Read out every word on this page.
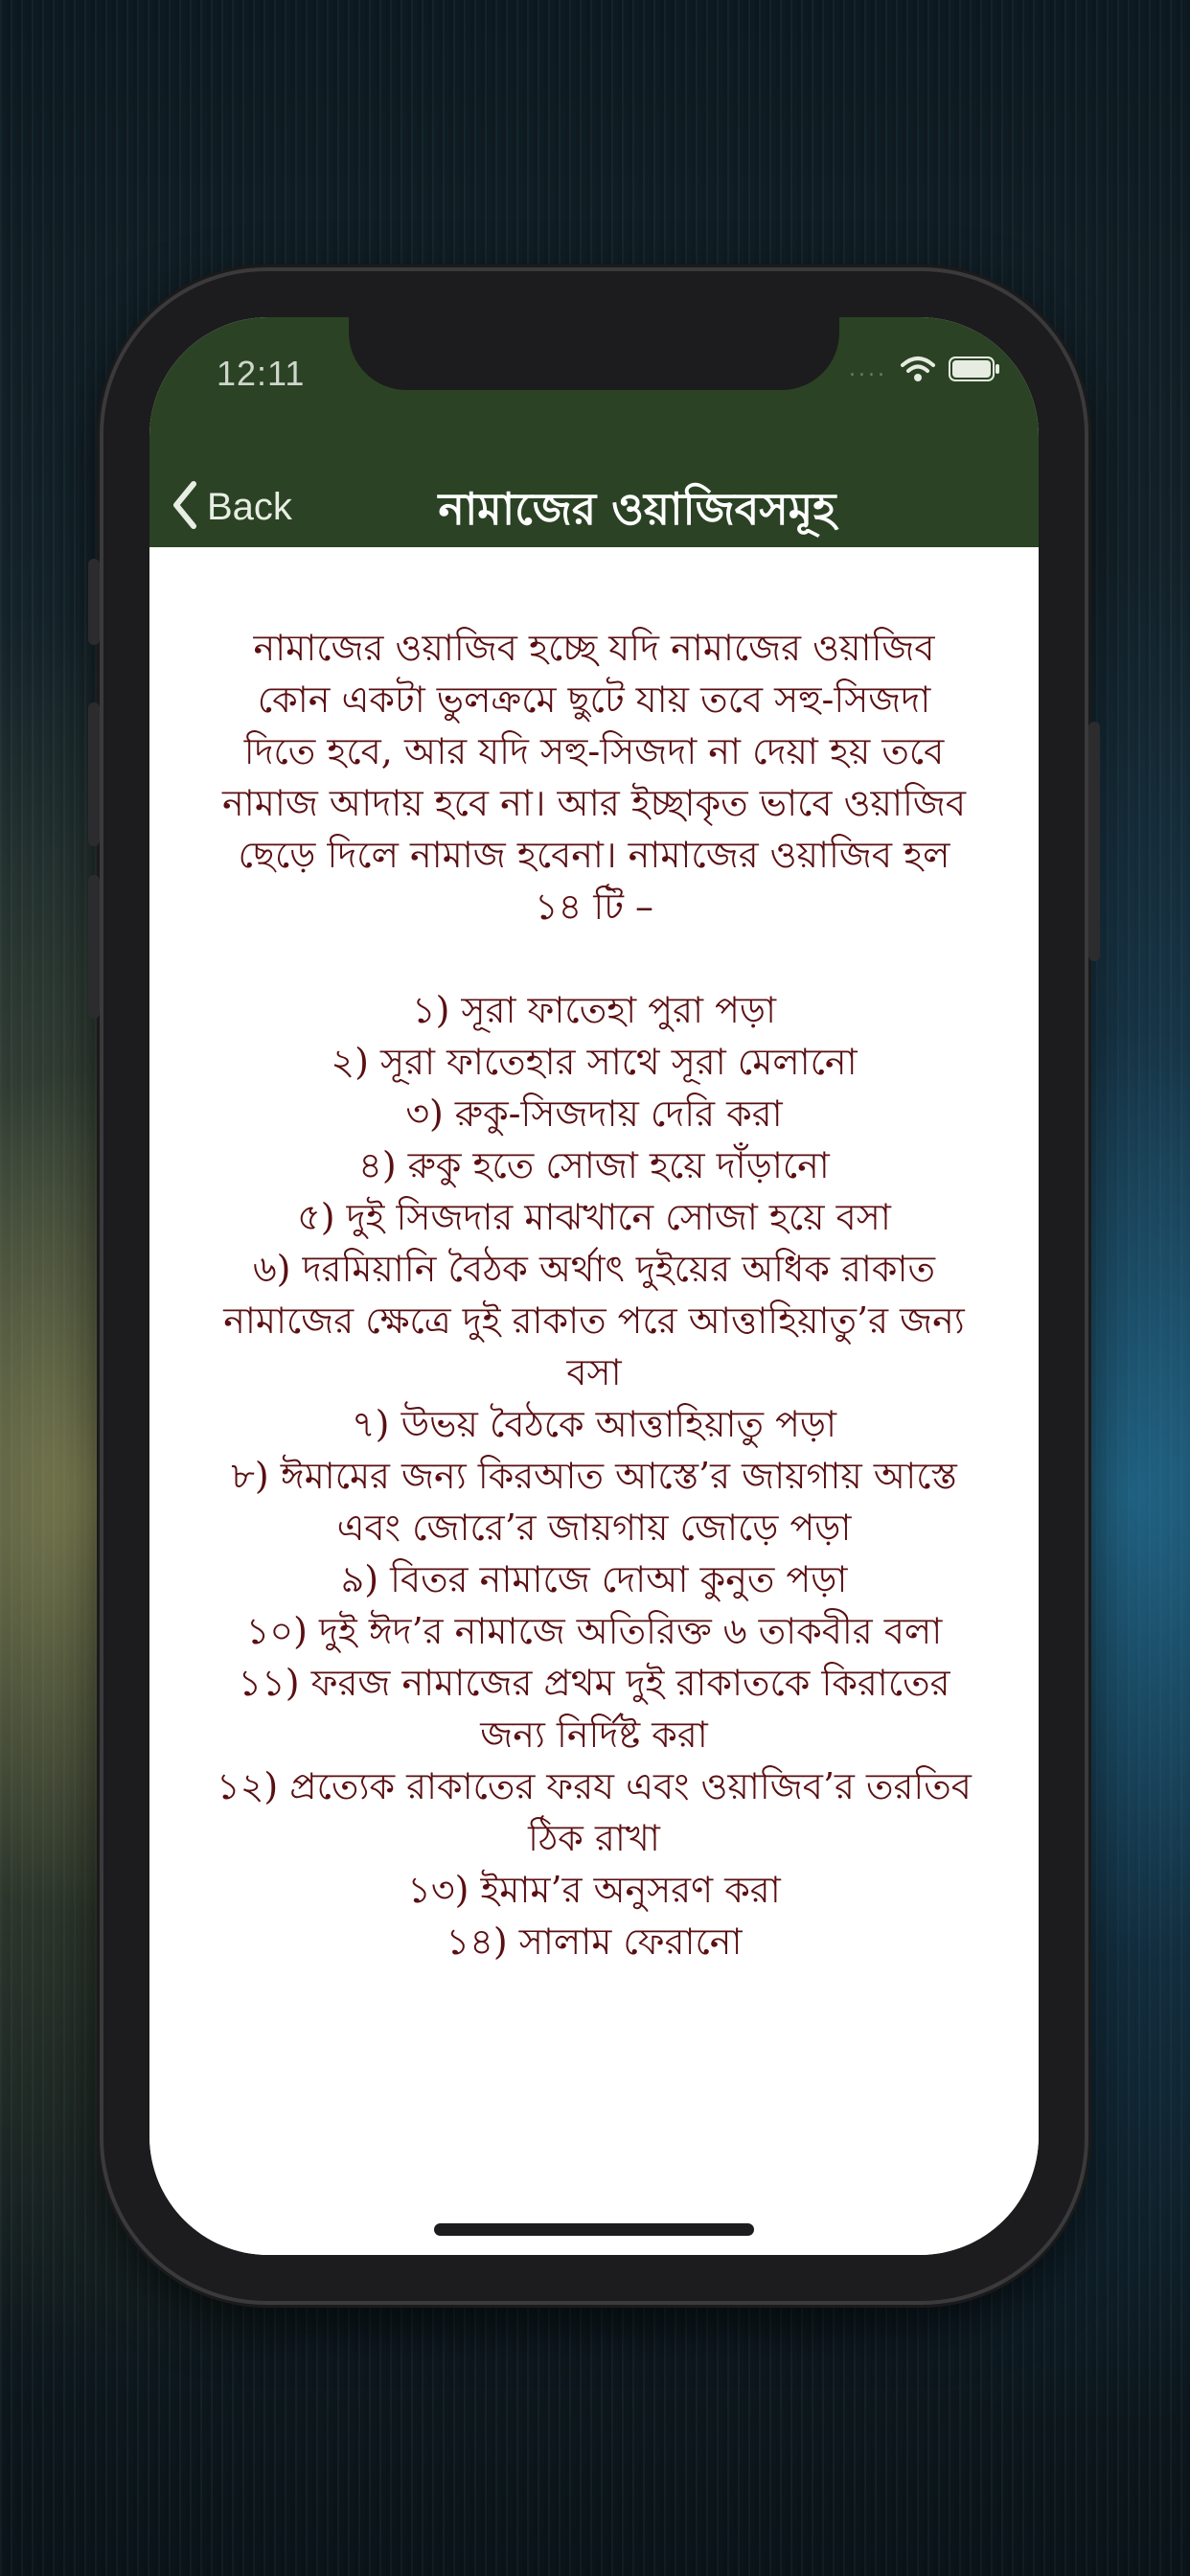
12:11	....
Back	নামাজের ওয়াজিবসমূহ

নামাজের ওয়াজিব হচ্ছে যদি নামাজের ওয়াজিব কোন একটা ভুলক্রমে ছুটে যায় তবে সহু-সিজদা দিতে হবে, আর যদি সহু-সিজদা না দেয়া হয় তবে নামাজ আদায় হবে না। আর ইচ্ছাকৃত ভাবে ওয়াজিব ছেড়ে দিলে নামাজ হবেনা। নামাজের ওয়াজিব হল ১৪ টি –

১) সূরা ফাতেহা পুরা পড়া

২) সূরা ফাতেহার সাথে সূরা মেলানো

৩) রুকু-সিজদায় দেরি করা

৪) রুকু হতে সোজা হয়ে দাঁড়ানো

৫) দুই সিজদার মাঝখানে সোজা হয়ে বসা

৬) দরমিয়ানি বৈঠক অর্থাৎ দুইয়ের অধিক রাকাত নামাজের ক্ষেত্রে দুই রাকাত পরে আত্তাহিয়াতু’র জন্য বসা

৭) উভয় বৈঠকে আত্তাহিয়াতু পড়া

৮) ঈমামের জন্য কিরআত আস্তে’র জায়গায় আস্তে এবং জোরে’র জায়গায় জোড়ে পড়া

৯) বিতর নামাজে দোআ কুনুত পড়া

১০) দুই ঈদ’র নামাজে অতিরিক্ত ৬ তাকবীর বলা

১১) ফরজ নামাজের প্রথম দুই রাকাতকে কিরাতের জন্য নির্দিষ্ট করা

১২) প্রত্যেক রাকাতের ফরয এবং ওয়াজিব’র তরতিব ঠিক রাখা

১৩) ইমাম’র অনুসরণ করা

১৪) সালাম ফেরানো
